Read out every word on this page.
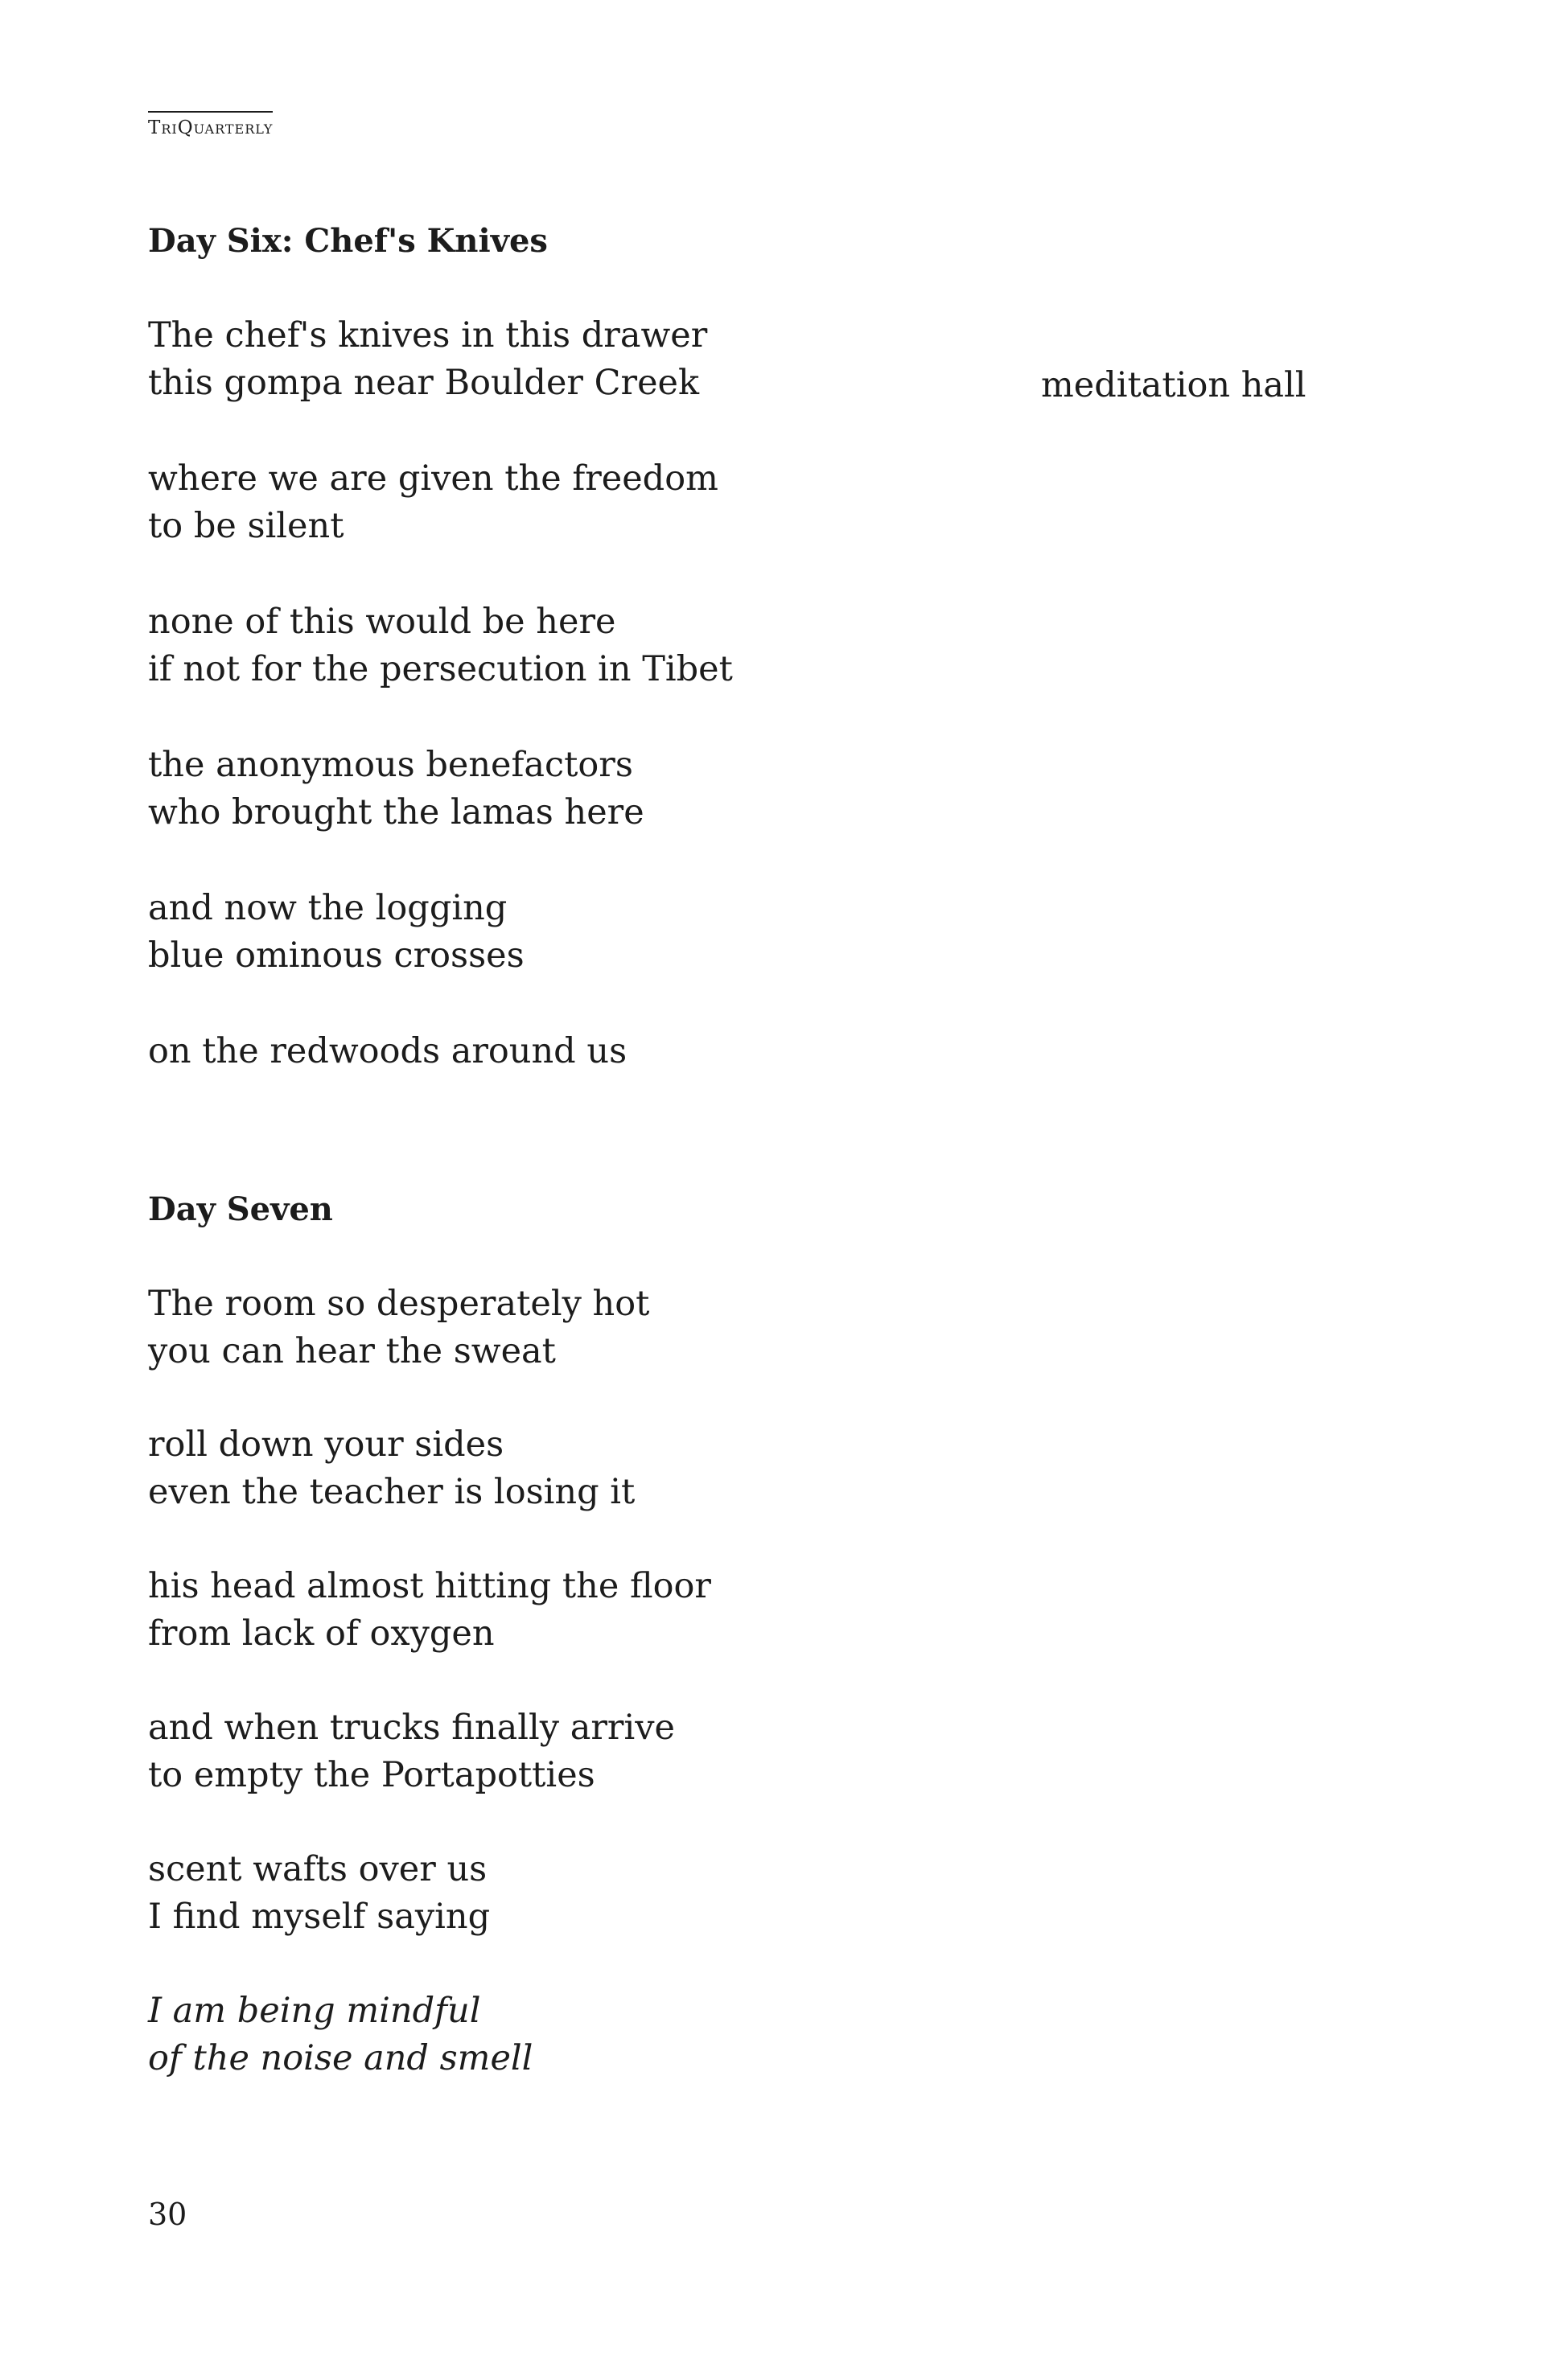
TriQuarterly
Day Six: Chef's Knives
The chef's knives in this drawer
this gompa near Boulder Creek	meditation hall
where we are given the freedom
to be silent
none of this would be here
if not for the persecution in Tibet
the anonymous benefactors
who brought the lamas here
and now the logging
blue ominous crosses
on the redwoods around us
Day Seven
The room so desperately hot
you can hear the sweat
roll down your sides
even the teacher is losing it
his head almost hitting the floor
from lack of oxygen
and when trucks finally arrive
to empty the Portapotties
scent wafts over us
I find myself saying
I am being mindful
of the noise and smell
30
